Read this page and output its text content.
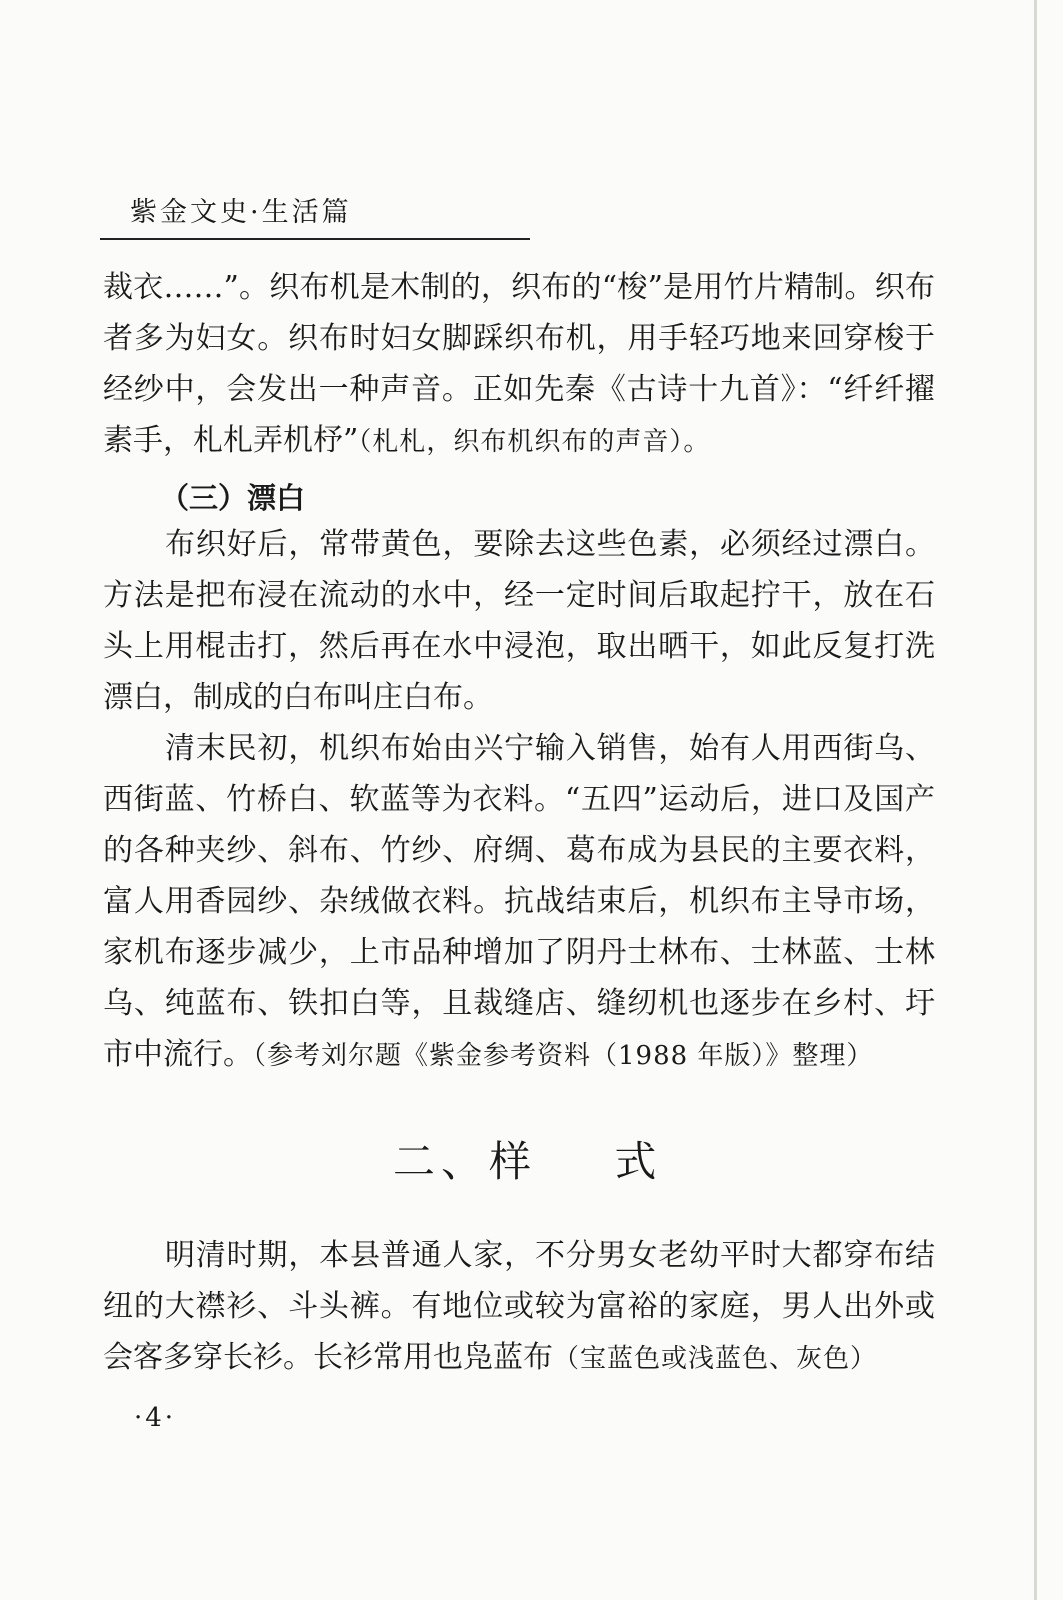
紫金文史·生活篇

裁衣……”。织布机是木制的，织布的“梭”是用竹片精制。织布者多为妇女。织布时妇女脚踩织布机，用手轻巧地来回穿梭于经纱中，会发出一种声音。正如先秦《古诗十九首》：“纤纤擢素手，札札弄机杼”（札札，织布机织布的声音）。

（三）漂白

布织好后，常带黄色，要除去这些色素，必须经过漂白。方法是把布浸在流动的水中，经一定时间后取起拧干，放在石头上用棍击打，然后再在水中浸泡，取出晒干，如此反复打洗漂白，制成的白布叫庄白布。

清末民初，机织布始由兴宁输入销售，始有人用西街乌、西街蓝、竹桥白、软蓝等为衣料。“五四”运动后，进口及国产的各种夹纱、斜布、竹纱、府绸、葛布成为县民的主要衣料，富人用香园纱、杂绒做衣料。抗战结束后，机织布主导市场，家机布逐步减少，上市品种增加了阴丹士林布、士林蓝、士林乌、纯蓝布、铁扣白等，且裁缝店、缝纫机也逐步在乡村、圩市中流行。（参考刘尔题《紫金参考资料（1988 年版）》整理）

二、样    式

明清时期，本县普通人家，不分男女老幼平时大都穿布结纽的大襟衫、斗头裤。有地位或较为富裕的家庭，男人出外或会客多穿长衫。长衫常用也凫蓝布（宝蓝色或浅蓝色、灰色）

·4·
